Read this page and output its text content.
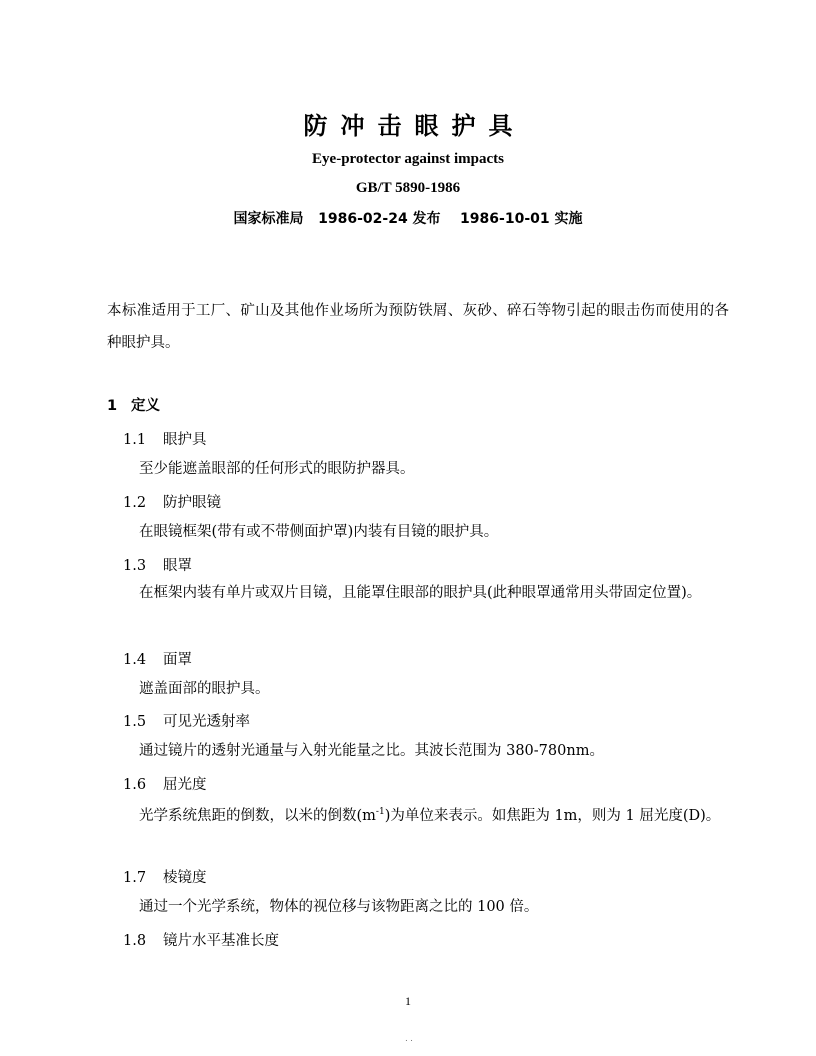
防冲击眼护具
Eye-protector against impacts
GB/T 5890-1986
国家标准局   1986-02-24 发布    1986-10-01 实施
本标准适用于工厂、矿山及其他作业场所为预防铁屑、灰砂、碎石等物引起的眼击伤而使用的各种眼护具。
1 定义
1.1 眼护具
至少能遮盖眼部的任何形式的眼防护器具。
1.2 防护眼镜
在眼镜框架(带有或不带侧面护罩)内装有目镜的眼护具。
1.3 眼罩
在框架内装有单片或双片目镜，且能罩住眼部的眼护具(此种眼罩通常用头带固定位置)。
1.4 面罩
遮盖面部的眼护具。
1.5 可见光透射率
通过镜片的透射光通量与入射光能量之比。其波长范围为 380-780nm。
1.6 屈光度
光学系统焦距的倒数，以米的倒数$(m^{-1})$为单位来表示。如焦距为 1m，则为 1 屈光度(D)。
1.7 棱镜度
通过一个光学系统，物体的视位移与该物距离之比的 100 倍。
1.8 镜片水平基准长度
1
. .
